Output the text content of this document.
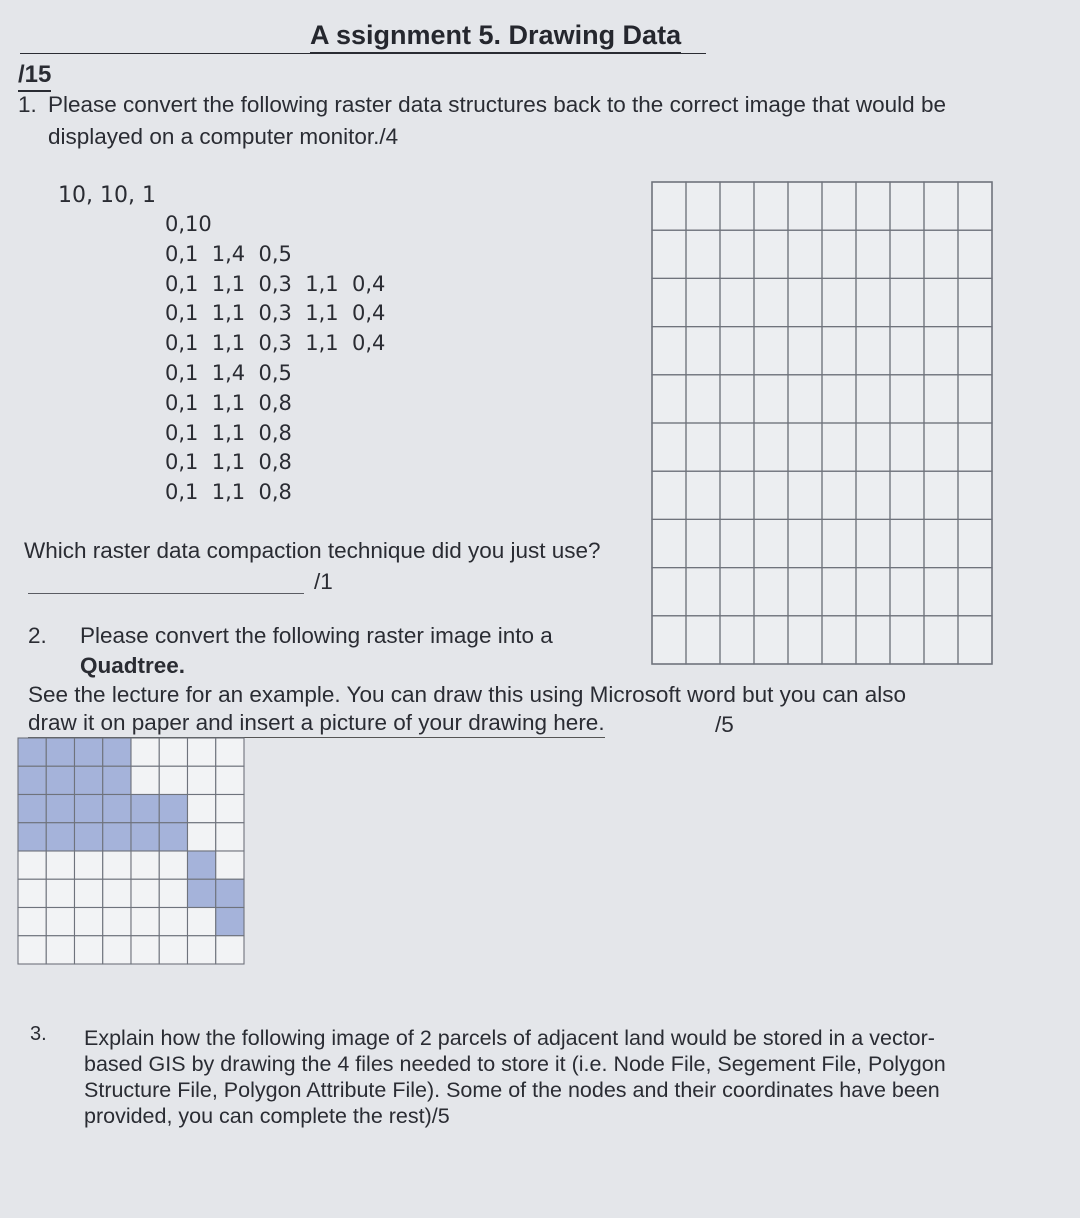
A ssignment 5. Drawing Data
/15
1. Please convert the following raster data structures back to the correct image that would be displayed on a computer monitor./4
10, 10, 1
0,10
0,1  1,4  0,5
0,1  1,1  0,3  1,1  0,4
0,1  1,1  0,3  1,1  0,4
0,1  1,1  0,3  1,1  0,4
0,1  1,4  0,5
0,1  1,1  0,8
0,1  1,1  0,8
0,1  1,1  0,8
0,1  1,1  0,8
Which raster data compaction technique did you just use?
/1
2. Please convert the following raster image into a
Quadtree.
See the lecture for an example. You can draw this using Microsoft word but you can also
draw it on paper and insert a picture of your drawing here.	/5
3. Explain how the following image of 2 parcels of adjacent land would be stored in a vector-based GIS by drawing the 4 files needed to store it (i.e. Node File, Segement File, Polygon Structure File, Polygon Attribute File). Some of the nodes and their coordinates have been provided, you can complete the rest)/5
